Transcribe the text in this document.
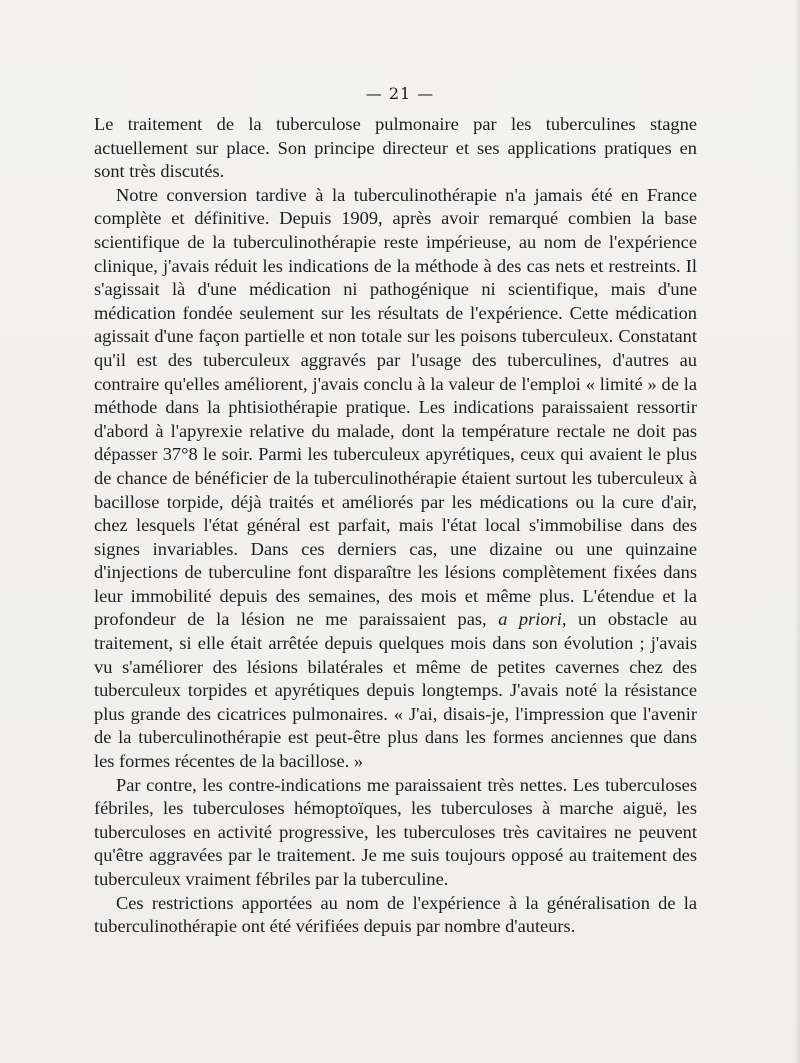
— 21 —

Le traitement de la tuberculose pulmonaire par les tuberculines stagne actuellement sur place. Son principe directeur et ses applications pratiques en sont très discutés.

Notre conversion tardive à la tuberculinothérapie n'a jamais été en France complète et définitive. Depuis 1909, après avoir remarqué combien la base scientifique de la tuberculinothérapie reste impérieuse, au nom de l'expérience clinique, j'avais réduit les indications de la méthode à des cas nets et restreints. Il s'agissait là d'une médication ni pathogénique ni scientifique, mais d'une médication fondée seulement sur les résultats de l'expérience. Cette médication agissait d'une façon partielle et non totale sur les poisons tuberculeux. Constatant qu'il est des tuberculeux aggravés par l'usage des tuberculines, d'autres au contraire qu'elles améliorent, j'avais conclu à la valeur de l'emploi « limité » de la méthode dans la phtisiothérapie pratique. Les indications paraissaient ressortir d'abord à l'apyrexie relative du malade, dont la température rectale ne doit pas dépasser 37°8 le soir. Parmi les tuberculeux apyrétiques, ceux qui avaient le plus de chance de bénéficier de la tuberculinothérapie étaient surtout les tuberculeux à bacillose torpide, déjà traités et améliorés par les médications ou la cure d'air, chez lesquels l'état général est parfait, mais l'état local s'immobilise dans des signes invariables. Dans ces derniers cas, une dizaine ou une quinzaine d'injections de tuberculine font disparaître les lésions complètement fixées dans leur immobilité depuis des semaines, des mois et même plus. L'étendue et la profondeur de la lésion ne me paraissaient pas, a priori, un obstacle au traitement, si elle était arrêtée depuis quelques mois dans son évolution ; j'avais vu s'améliorer des lésions bilatérales et même de petites cavernes chez des tuberculeux torpides et apyrétiques depuis longtemps. J'avais noté la résistance plus grande des cicatrices pulmonaires. « J'ai, disais-je, l'impression que l'avenir de la tuberculinothérapie est peut-être plus dans les formes anciennes que dans les formes récentes de la bacillose. »

Par contre, les contre-indications me paraissaient très nettes. Les tuberculoses fébriles, les tuberculoses hémoptoïques, les tuberculoses à marche aiguë, les tuberculoses en activité progressive, les tuberculoses très cavitaires ne peuvent qu'être aggravées par le traitement. Je me suis toujours opposé au traitement des tuberculeux vraiment fébriles par la tuberculine.

Ces restrictions apportées au nom de l'expérience à la généralisation de la tuberculinothérapie ont été vérifiées depuis par nombre d'auteurs.
